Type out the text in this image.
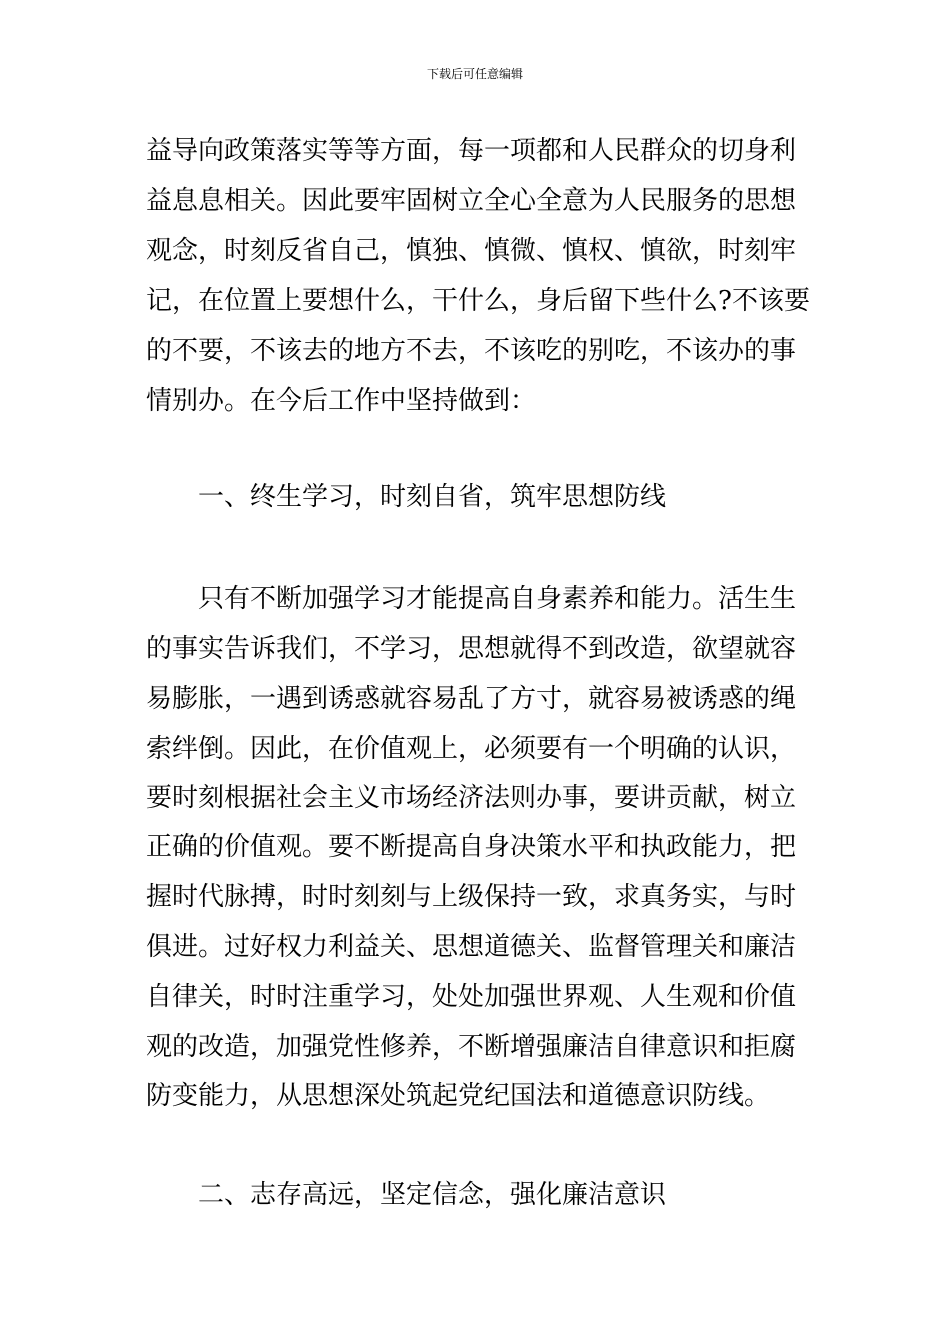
下载后可任意编辑
益导向政策落实等等方面，每一项都和人民群众的切身利
益息息相关。因此要牢固树立全心全意为人民服务的思想
观念，时刻反省自己，慎独、慎微、慎权、慎欲，时刻牢
记，在位置上要想什么，干什么，身后留下些什么?不该要
的不要，不该去的地方不去，不该吃的别吃，不该办的事
情别办。在今后工作中坚持做到：
一、终生学习，时刻自省，筑牢思想防线
只有不断加强学习才能提高自身素养和能力。活生生
的事实告诉我们，不学习，思想就得不到改造，欲望就容
易膨胀，一遇到诱惑就容易乱了方寸，就容易被诱惑的绳
索绊倒。因此，在价值观上，必须要有一个明确的认识，
要时刻根据社会主义市场经济法则办事，要讲贡献，树立
正确的价值观。要不断提高自身决策水平和执政能力，把
握时代脉搏，时时刻刻与上级保持一致，求真务实，与时
俱进。过好权力利益关、思想道德关、监督管理关和廉洁
自律关，时时注重学习，处处加强世界观、人生观和价值
观的改造，加强党性修养，不断增强廉洁自律意识和拒腐
防变能力，从思想深处筑起党纪国法和道德意识防线。
二、志存高远，坚定信念，强化廉洁意识
